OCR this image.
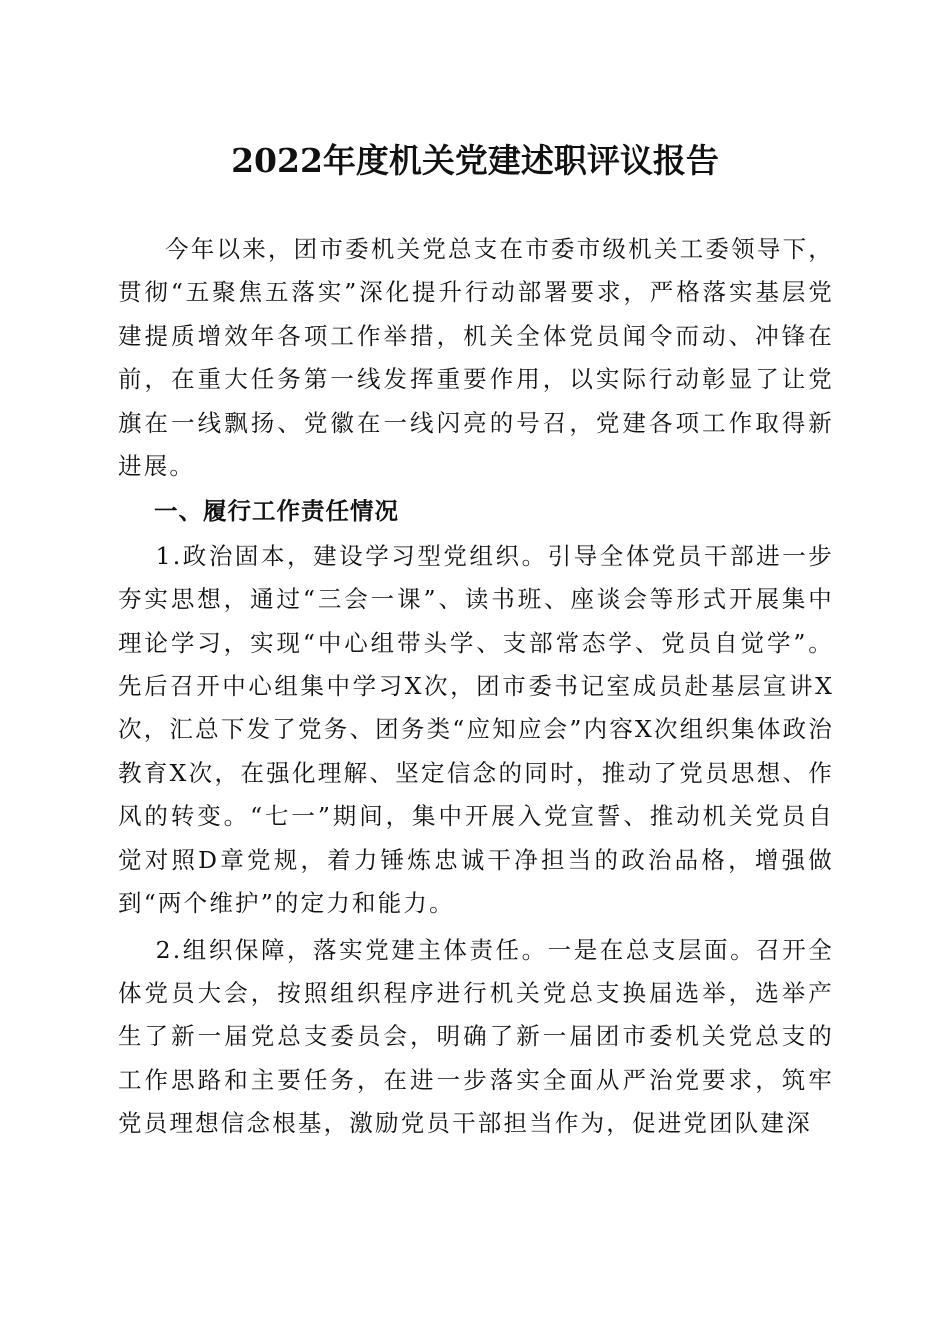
2022年度机关党建述职评议报告

今年以来，团市委机关党总支在市委市级机关工委领导下，贯彻“五聚焦五落实”深化提升行动部署要求，严格落实基层党建提质增效年各项工作举措，机关全体党员闻令而动、冲锋在前，在重大任务第一线发挥重要作用，以实际行动彰显了让党旗在一线飘扬、党徽在一线闪亮的号召，党建各项工作取得新进展。

一、履行工作责任情况

1.政治固本，建设学习型党组织。引导全体党员干部进一步夯实思想，通过“三会一课”、读书班、座谈会等形式开展集中理论学习，实现“中心组带头学、支部常态学、党员自觉学”。先后召开中心组集中学习X次，团市委书记室成员赴基层宣讲X次，汇总下发了党务、团务类“应知应会”内容X次组织集体政治教育X次，在强化理解、坚定信念的同时，推动了党员思想、作风的转变。“七一”期间，集中开展入党宣誓、推动机关党员自觉对照D章党规，着力锤炼忠诚干净担当的政治品格，增强做到“两个维护”的定力和能力。

2.组织保障，落实党建主体责任。一是在总支层面。召开全体党员大会，按照组织程序进行机关党总支换届选举，选举产生了新一届党总支委员会，明确了新一届团市委机关党总支的工作思路和主要任务，在进一步落实全面从严治党要求，筑牢党员理想信念根基，激励党员干部担当作为，促进党团队建深
